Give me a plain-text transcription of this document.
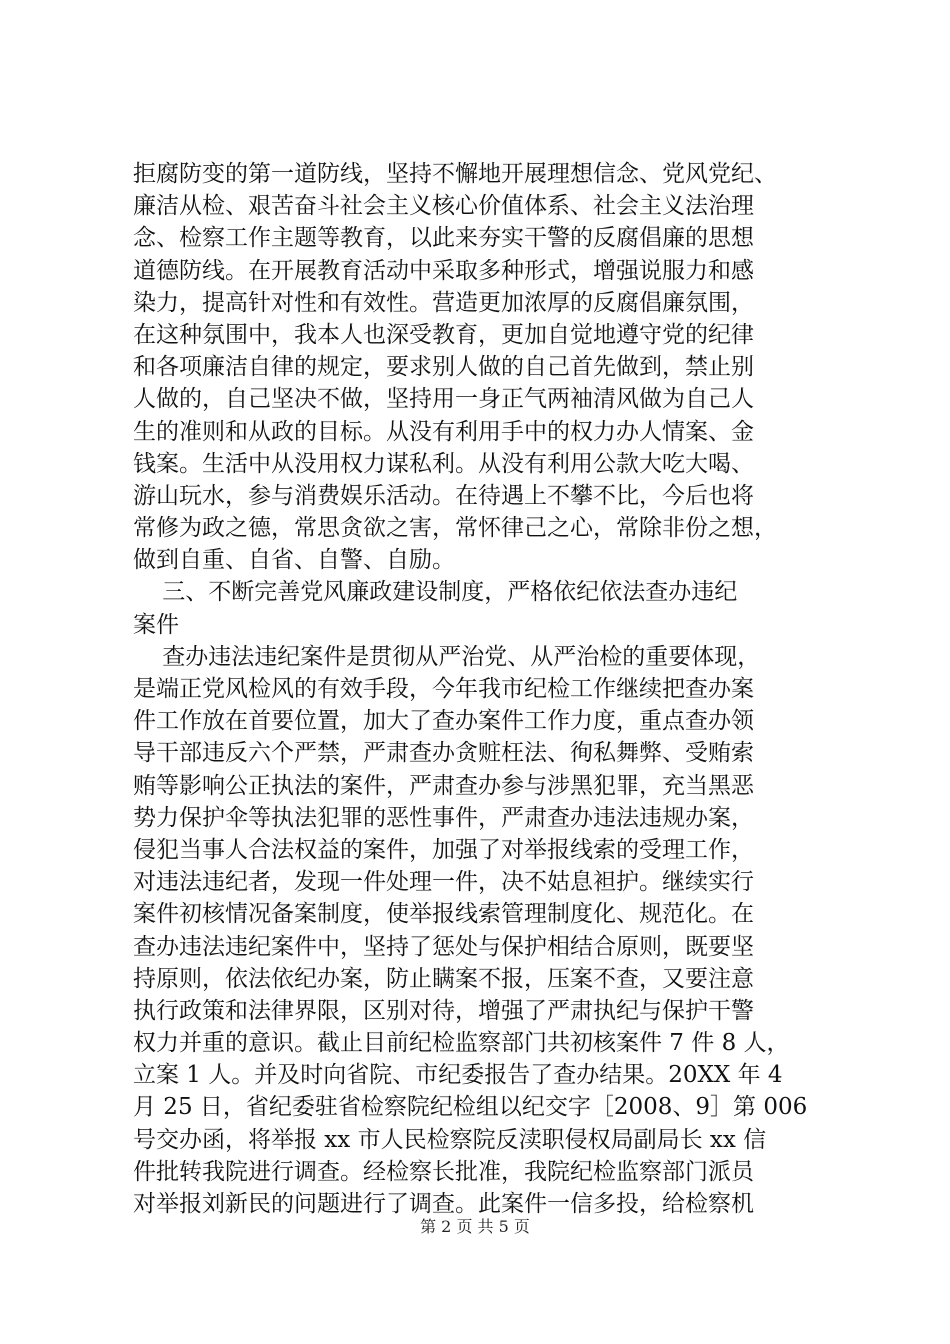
拒腐防变的第一道防线，坚持不懈地开展理想信念、党风党纪、
廉洁从检、艰苦奋斗社会主义核心价值体系、社会主义法治理
念、检察工作主题等教育，以此来夯实干警的反腐倡廉的思想
道德防线。在开展教育活动中采取多种形式，增强说服力和感
染力，提高针对性和有效性。营造更加浓厚的反腐倡廉氛围，
在这种氛围中，我本人也深受教育，更加自觉地遵守党的纪律
和各项廉洁自律的规定，要求别人做的自己首先做到，禁止别
人做的，自己坚决不做，坚持用一身正气两袖清风做为自己人
生的准则和从政的目标。从没有利用手中的权力办人情案、金
钱案。生活中从没用权力谋私利。从没有利用公款大吃大喝、
游山玩水，参与消费娱乐活动。在待遇上不攀不比，今后也将
常修为政之德，常思贪欲之害，常怀律己之心，常除非份之想，
做到自重、自省、自警、自励。
三、不断完善党风廉政建设制度，严格依纪依法查办违纪
案件
查办违法违纪案件是贯彻从严治党、从严治检的重要体现，
是端正党风检风的有效手段，今年我市纪检工作继续把查办案
件工作放在首要位置，加大了查办案件工作力度，重点查办领
导干部违反六个严禁，严肃查办贪赃枉法、徇私舞弊、受贿索
贿等影响公正执法的案件，严肃查办参与涉黑犯罪，充当黑恶
势力保护伞等执法犯罪的恶性事件，严肃查办违法违规办案，
侵犯当事人合法权益的案件，加强了对举报线索的受理工作，
对违法违纪者，发现一件处理一件，决不姑息袒护。继续实行
案件初核情况备案制度，使举报线索管理制度化、规范化。在
查办违法违纪案件中，坚持了惩处与保护相结合原则，既要坚
持原则，依法依纪办案，防止瞒案不报，压案不查，又要注意
执行政策和法律界限，区别对待，增强了严肃执纪与保护干警
权力并重的意识。截止目前纪检监察部门共初核案件 7 件 8 人，
立案 1 人。并及时向省院、市纪委报告了查办结果。20XX 年 4
月 25 日，省纪委驻省检察院纪检组以纪交字［2008、9］第 006
号交办函，将举报 xx 市人民检察院反渎职侵权局副局长 xx 信
件批转我院进行调查。经检察长批准，我院纪检监察部门派员
对举报刘新民的问题进行了调查。此案件一信多投，给检察机
第 2 页 共 5 页
